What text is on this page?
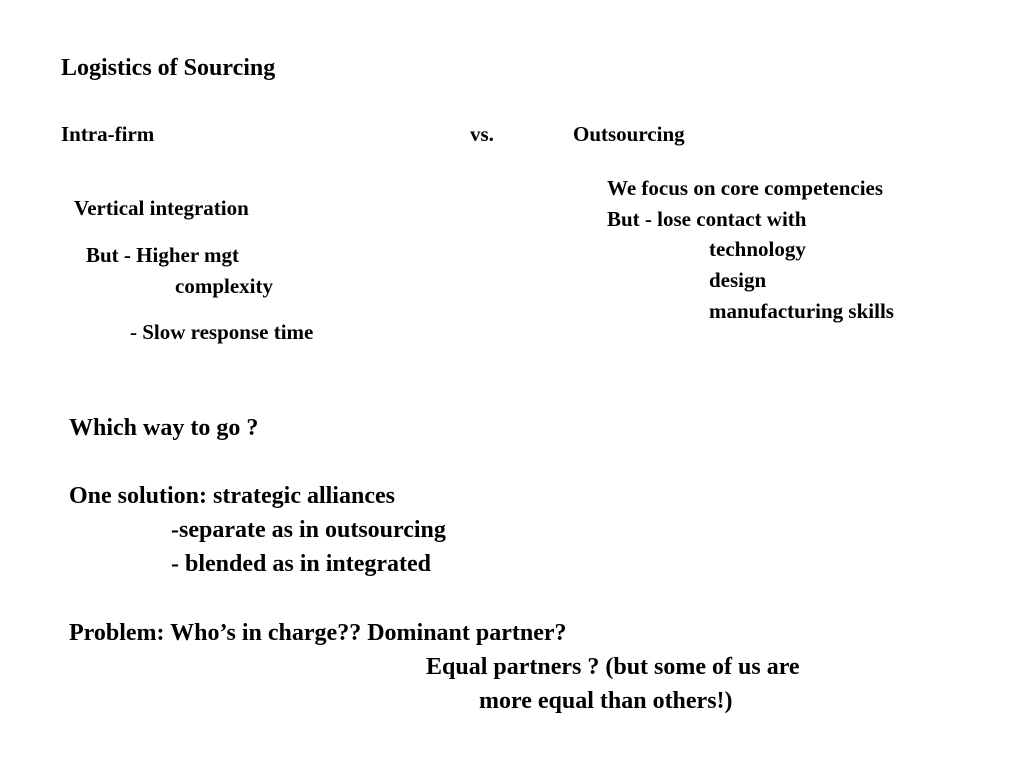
Logistics of Sourcing
Intra-firm	vs.	Outsourcing
Vertical integration
But - Higher mgt
complexity
- Slow response time
We focus on core competencies
But - lose contact with
technology
design
manufacturing skills
Which way to go ?
One solution: strategic alliances
-separate as in outsourcing
- blended as in integrated
Problem: Who’s in charge?? Dominant partner?
Equal partners ? (but some of us are
more equal than others!)
